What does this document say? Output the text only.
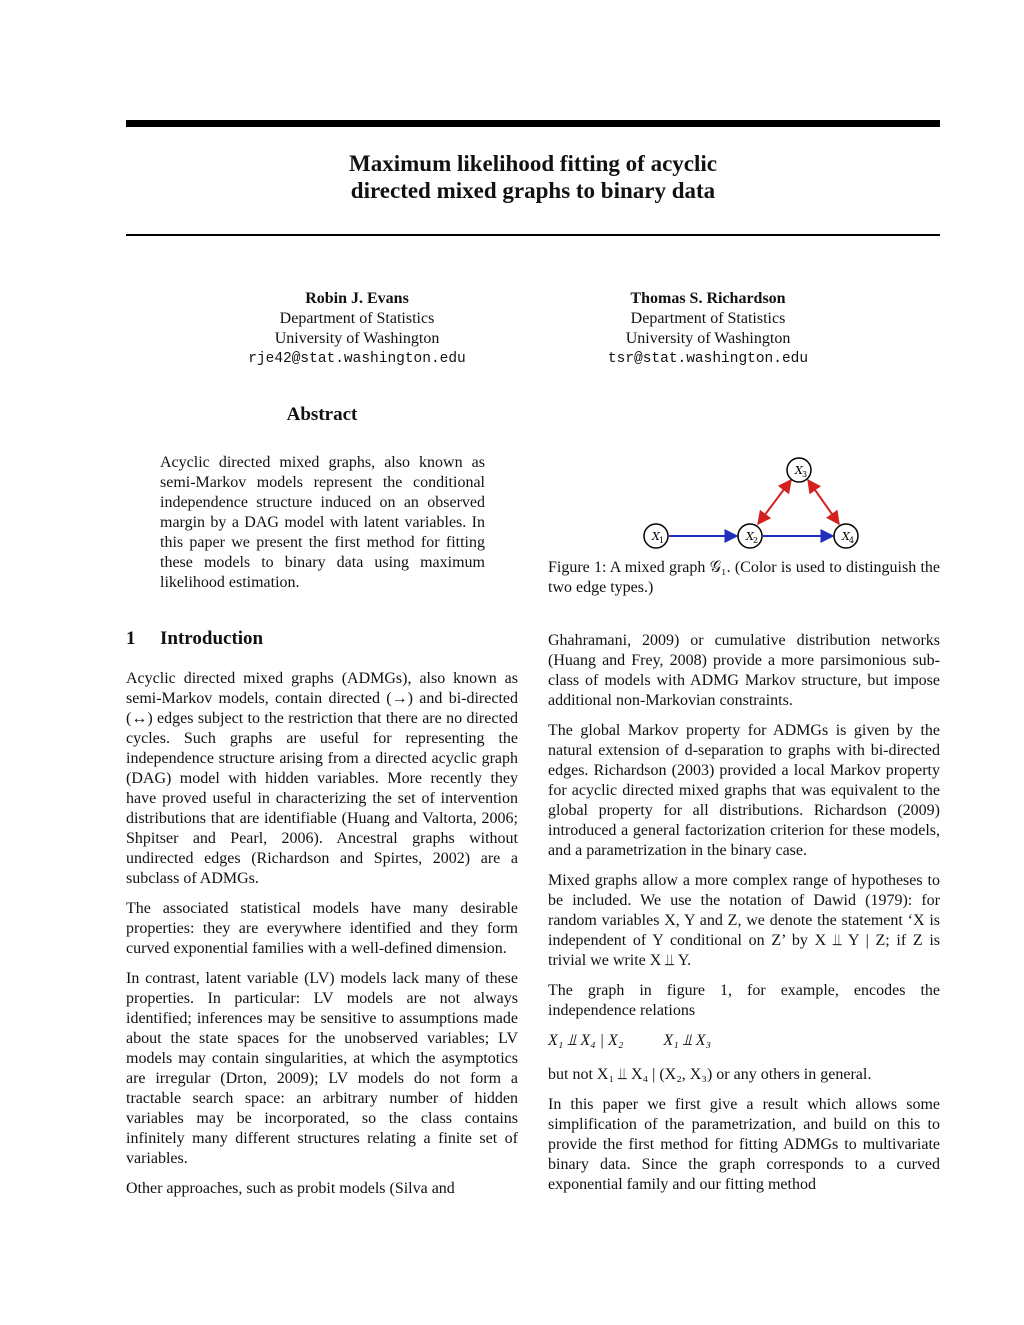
Maximum likelihood fitting of acyclic
directed mixed graphs to binary data
Robin J. Evans
Department of Statistics
University of Washington
rje42@stat.washington.edu
Thomas S. Richardson
Department of Statistics
University of Washington
tsr@stat.washington.edu
Abstract

Acyclic directed mixed graphs, also known as semi-Markov models represent the conditional independence structure induced on an observed margin by a DAG model with latent variables. In this paper we present the first method for fitting these models to binary data using maximum likelihood estimation.

X 1	X 2
X 3
X 4

Figure 1: A mixed graph 𝒢₁. (Color is used to distinguish the two edge types.)

1 Introduction

Acyclic directed mixed graphs (ADMGs), also known as semi-Markov models, contain directed (→) and bi-directed (↔) edges subject to the restriction that there are no directed cycles. Such graphs are useful for representing the independence structure arising from a directed acyclic graph (DAG) model with hidden variables. More recently they have proved useful in characterizing the set of intervention distributions that are identifiable (Huang and Valtorta, 2006; Shpitser and Pearl, 2006). Ancestral graphs without undirected edges (Richardson and Spirtes, 2002) are a subclass of ADMGs.

The associated statistical models have many desirable properties: they are everywhere identified and they form curved exponential families with a well-defined dimension.

In contrast, latent variable (LV) models lack many of these properties. In particular: LV models are not always identified; inferences may be sensitive to assumptions made about the state spaces for the unobserved variables; LV models may contain singularities, at which the asymptotics are irregular (Drton, 2009); LV models do not form a tractable search space: an arbitrary number of hidden variables may be incorporated, so the class contains infinitely many different structures relating a finite set of variables.

Other approaches, such as probit models (Silva and

Ghahramani, 2009) or cumulative distribution networks (Huang and Frey, 2008) provide a more parsimonious sub-class of models with ADMG Markov structure, but impose additional non-Markovian constraints.

The global Markov property for ADMGs is given by the natural extension of d-separation to graphs with bi-directed edges. Richardson (2003) provided a local Markov property for acyclic directed mixed graphs that was equivalent to the global property for all distributions. Richardson (2009) introduced a general factorization criterion for these models, and a parametrization in the binary case.

Mixed graphs allow a more complex range of hypotheses to be included. We use the notation of Dawid (1979): for random variables X, Y and Z, we denote the statement ‘X is independent of Y conditional on Z’ by X ⫫ Y | Z; if Z is trivial we write X ⫫ Y.

The graph in figure 1, for example, encodes the independence relations

X₁ ⫫ X₄ | X₂	X₁ ⫫ X₃

but not X₁ ⫫ X₄ | (X₂, X₃) or any others in general.

In this paper we first give a result which allows some simplification of the parametrization, and build on this to provide the first method for fitting ADMGs to multivariate binary data. Since the graph corresponds to a curved exponential family and our fitting method
